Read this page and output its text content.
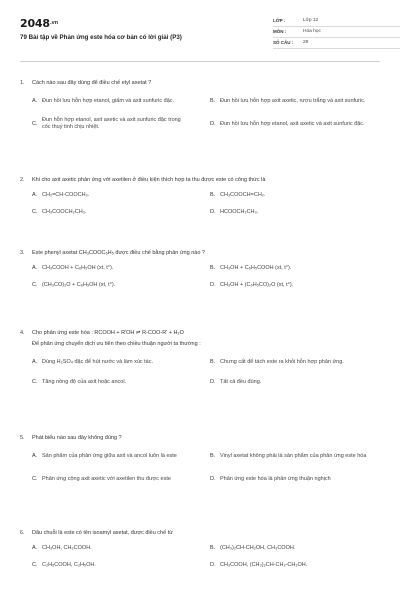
$2048^{.vn}$
79 Bài tập về Phản ứng este hóa cơ bản có lời giải (P3)
LỚP :	Lớp 12
MÔN :	Hóa học
SỐ CÂU :	29
1.	Cách nào sau đây dùng để điều chế etyl axetat ?
A. Đun hồi lưu hỗn hợp etanol, giấm và axit sunfuric đặc.	B. Đun hồi lưu hỗn hợp axit axetic, rượu trắng và axit sunfuric.
C.
Đun hỗn hợp etanol, axit axetic và axit sunfuric đặc trong cốc thuỷ tinh chịu nhiệt.
D. Đun hồi lưu hỗn hợp etanol, axit axetic và axit sunfuric đặc.
2.	Khi cho axit axetic phản ứng với axetilen ở điều kiện thích hợp ta thu được este có công thức là
A. CH₂=CH-COOCH₃.	B. CH₃COOCH=CH₂.
C. CH₃COOCH₂CH₃.	D. HCOOCH₂CH₃.
3.	Este phenyl axetat CH₃COOC₆H₅ được điều chế bằng phản ứng nào ?
A. CH₃COOH + C₆H₅OH (xt, t°).	B. CH₃OH + C₆H₅COOH (xt, t°).
C. (CH₃CO)₂O + C₆H₅OH (xt, t°).	D. CH₃OH + (C₆H₅CO)₂O (xt, t°).
4.	Cho phản ứng este hóa : RCOOH + R'OH ⇌ R-COO-R' + H₂O
Để phản ứng chuyển dịch ưu tiên theo chiều thuận người ta thường :
A. Dùng H₂SO₄ đặc để hút nước và làm xúc tác.	B. Chưng cất để tách este ra khỏi hỗn hợp phản ứng.
C. Tăng nồng độ của axit hoặc ancol.	D. Tất cả đều đúng.
5.	Phát biểu nào sau đây không đúng ?
A. Sản phẩm của phản ứng giữa axit và ancol luôn là este	B. Vinyl axetat không phải là sản phẩm của phản ứng este hóa
C. Phản ứng cộng axit axetic với axetilen thu được este	D. Phản ứng este hóa là phản ứng thuận nghịch
6.	Dãu chuỗi là este có tên isoamyl axetat, được điều chế từ
A. CH₃OH, CH₃COOH.	B. (CH₃)₂CH-CH₂OH, CH₃COOH.
C. C₂H₅COOH, C₂H₅OH.	D. CH₃COOH, (CH₃)₂CH-CH₂-CH₂OH.
